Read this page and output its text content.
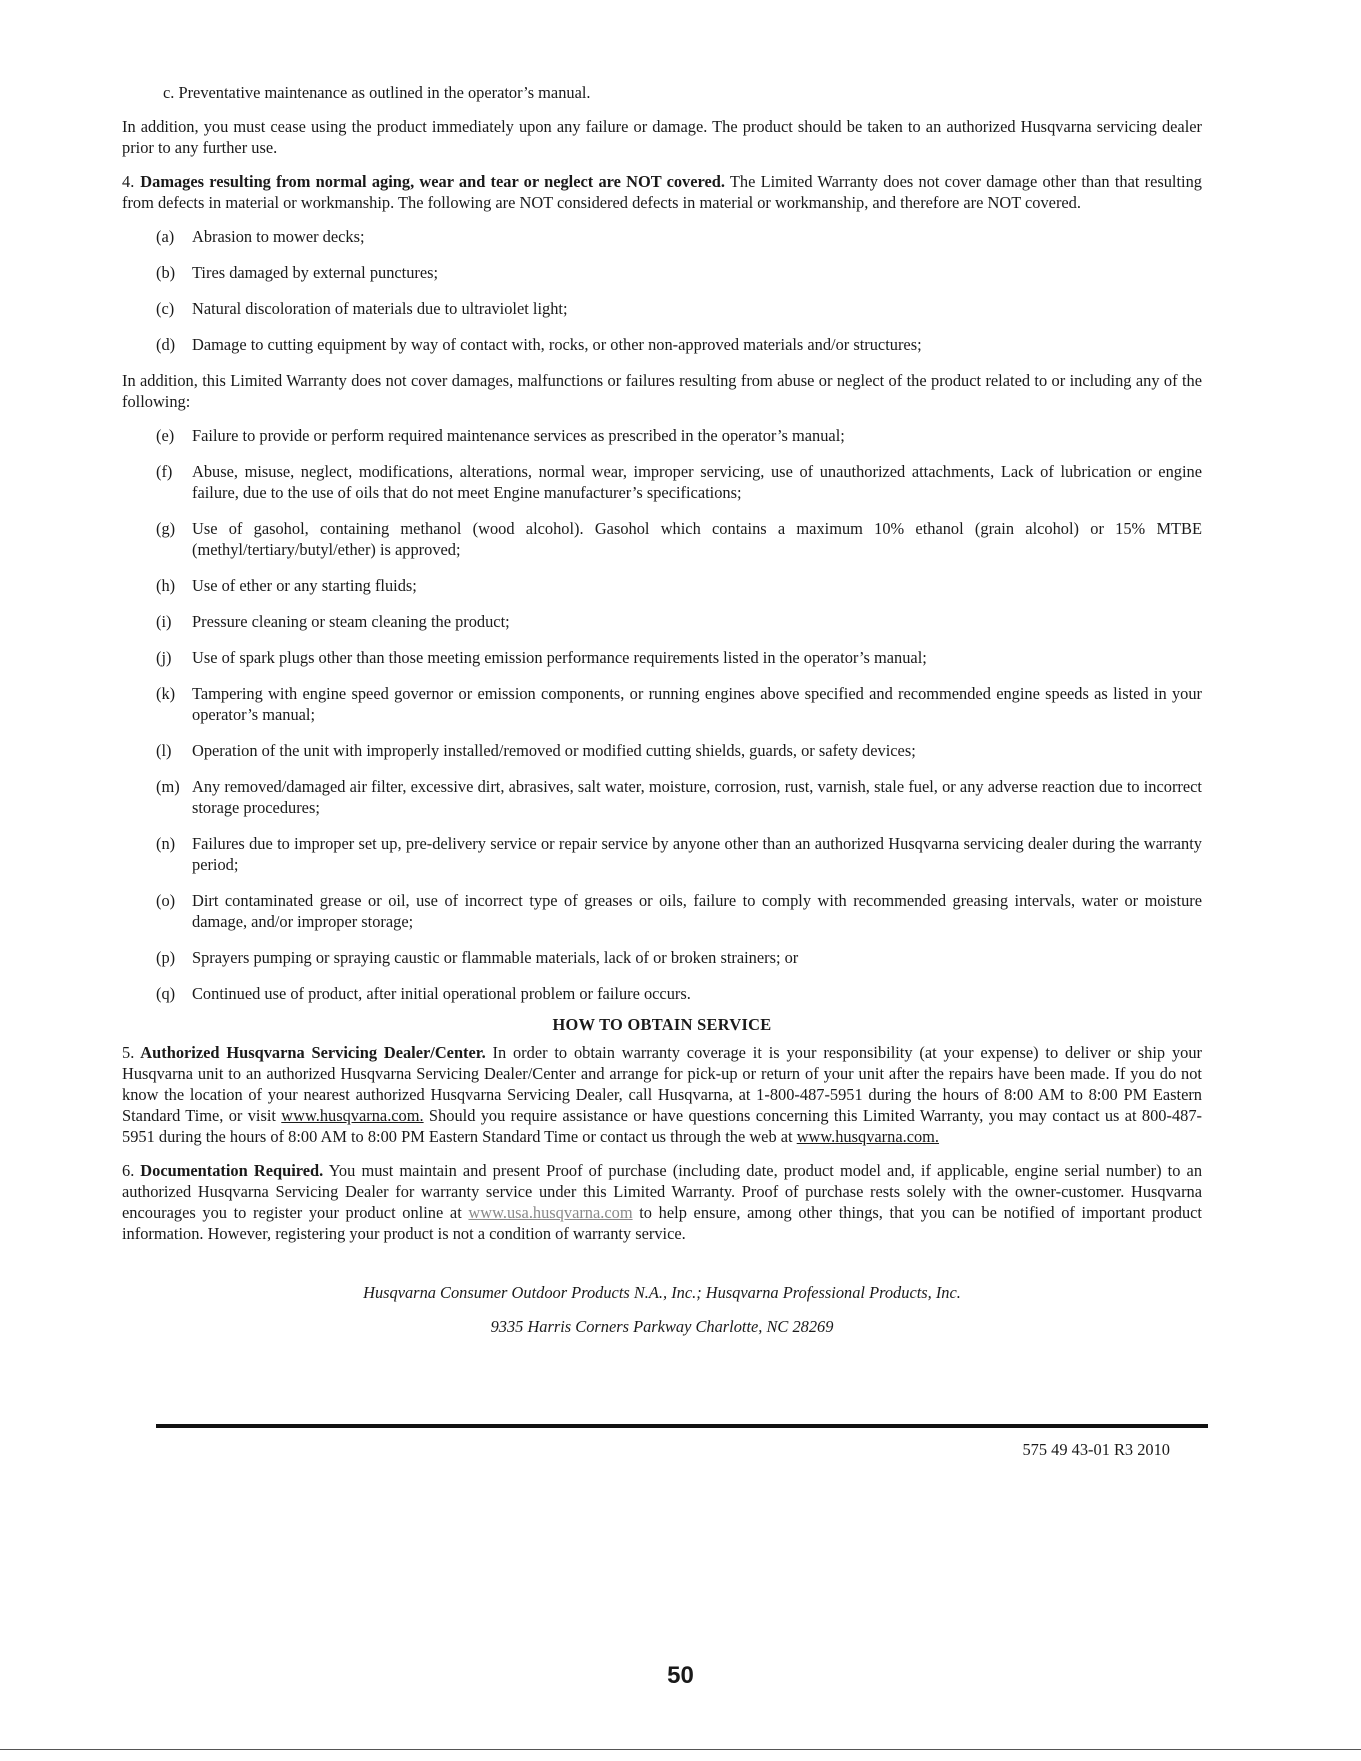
c. Preventative maintenance as outlined in the operator’s manual.

In addition, you must cease using the product immediately upon any failure or damage. The product should be taken to an authorized Husqvarna servicing dealer prior to any further use.

4. Damages resulting from normal aging, wear and tear or neglect are NOT covered. The Limited Warranty does not cover damage other than that resulting from defects in material or workmanship. The following are NOT considered defects in material or workmanship, and therefore are NOT covered.

(a)	Abrasion to mower decks;
(b)	Tires damaged by external punctures;
(c)	Natural discoloration of materials due to ultraviolet light;
(d)	Damage to cutting equipment by way of contact with, rocks, or other non-approved materials and/or structures;

In addition, this Limited Warranty does not cover damages, malfunctions or failures resulting from abuse or neglect of the product related to or including any of the following:

(e)	Failure to provide or perform required maintenance services as prescribed in the operator’s manual;
(f)	Abuse, misuse, neglect, modifications, alterations, normal wear, improper servicing, use of unauthorized attachments, Lack of lubrication or engine failure, due to the use of oils that do not meet Engine manufacturer’s specifications;
(g)	Use of gasohol, containing methanol (wood alcohol). Gasohol which contains a maximum 10% ethanol (grain alcohol) or 15% MTBE (methyl/tertiary/butyl/ether) is approved;
(h)	Use of ether or any starting fluids;
(i)	Pressure cleaning or steam cleaning the product;
(j)	Use of spark plugs other than those meeting emission performance requirements listed in the operator’s manual;
(k)	Tampering with engine speed governor or emission components, or running engines above specified and recommended engine speeds as listed in your operator’s manual;
(l)	Operation of the unit with improperly installed/removed or modified cutting shields, guards, or safety devices;
(m) Any removed/damaged air filter, excessive dirt, abrasives, salt water, moisture, corrosion, rust, varnish, stale fuel, or any adverse reaction due to incorrect storage procedures;
(n)	Failures due to improper set up, pre-delivery service or repair service by anyone other than an authorized Husqvarna servicing dealer during the warranty period;
(o)	Dirt contaminated grease or oil, use of incorrect type of greases or oils, failure to comply with recommended greasing intervals, water or moisture damage, and/or improper storage;
(p)	Sprayers pumping or spraying caustic or flammable materials, lack of or broken strainers; or
(q)	Continued use of product, after initial operational problem or failure occurs.

HOW TO OBTAIN SERVICE

5. Authorized Husqvarna Servicing Dealer/Center. In order to obtain warranty coverage it is your responsibility (at your expense) to deliver or ship your Husqvarna unit to an authorized Husqvarna Servicing Dealer/Center and arrange for pick-up or return of your unit after the repairs have been made. If you do not know the location of your nearest authorized Husqvarna Servicing Dealer, call Husqvarna, at 1-800-487-5951 during the hours of 8:00 AM to 8:00 PM Eastern Standard Time, or visit www.husqvarna.com. Should you require assistance or have questions concerning this Limited Warranty, you may contact us at 800-487-5951 during the hours of 8:00 AM to 8:00 PM Eastern Standard Time or contact us through the web at www.husqvarna.com.

6. Documentation Required. You must maintain and present Proof of purchase (including date, product model and, if applicable, engine serial number) to an authorized Husqvarna Servicing Dealer for warranty service under this Limited Warranty. Proof of purchase rests solely with the owner-customer. Husqvarna encourages you to register your product online at www.usa.husqvarna.com to help ensure, among other things, that you can be notified of important product information. However, registering your product is not a condition of warranty service.

Husqvarna Consumer Outdoor Products N.A., Inc.; Husqvarna Professional Products, Inc.
9335 Harris Corners Parkway Charlotte, NC 28269
575 49 43-01 R3 2010
50
